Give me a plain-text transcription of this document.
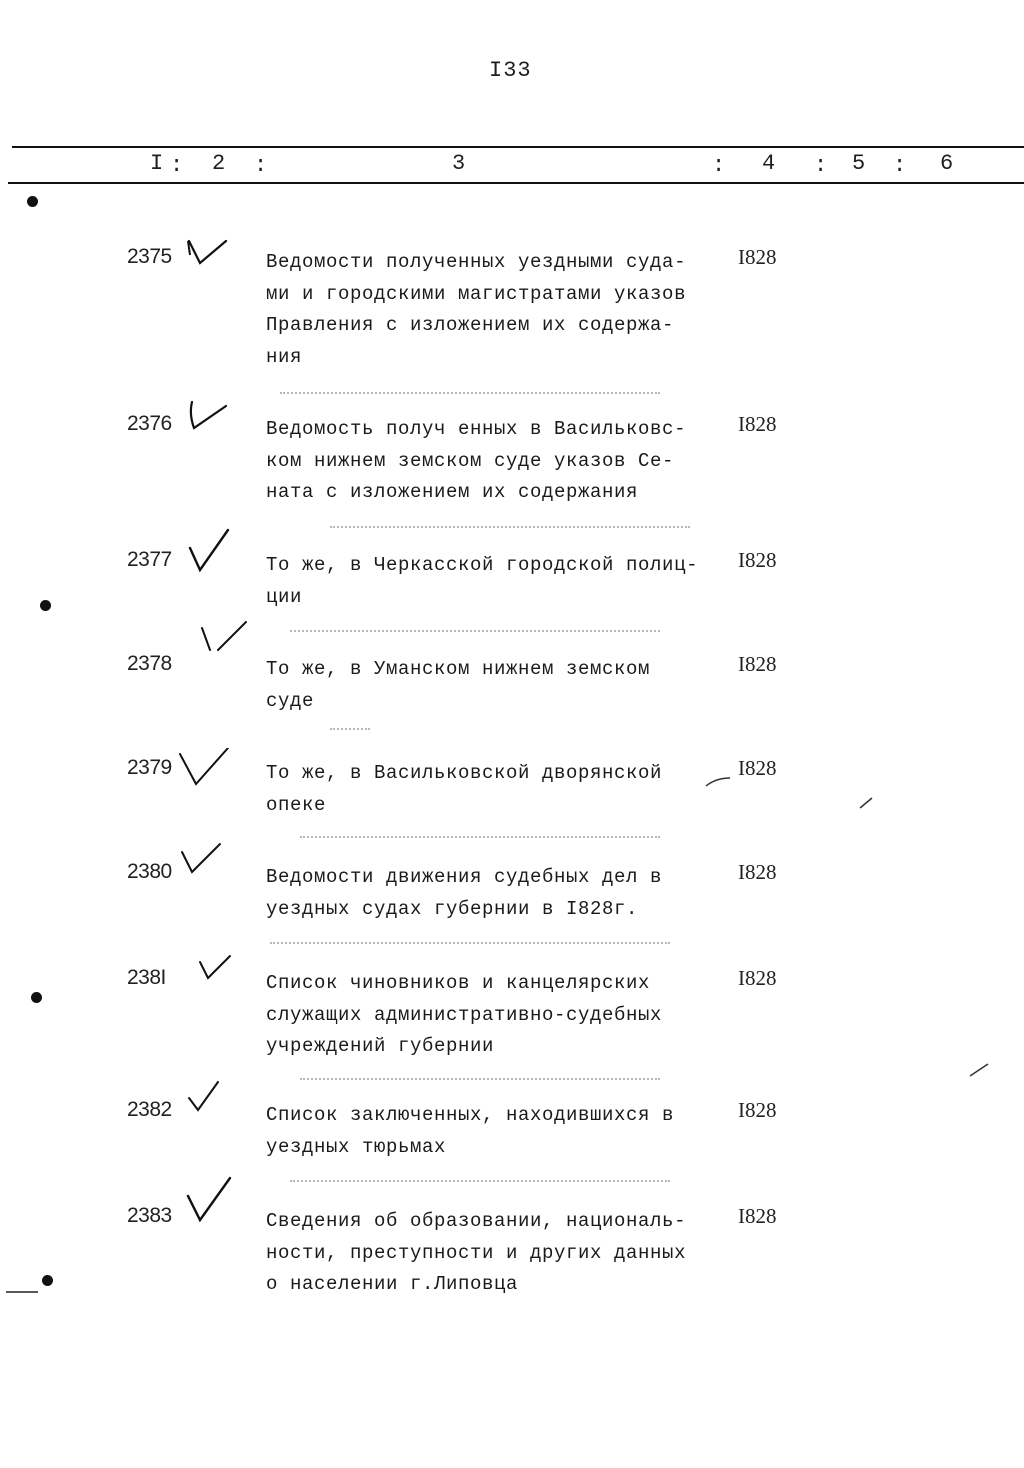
I33
I : 2 :	3	: 4 : 5 : 6
2375	Ведомости полученных уездными суда-
ми и городскими магистратами указов
Правления с изложением их содержа-
ния
I828
2376	Ведомость получ енных в Васильковс-
ком нижнем земском суде указов Се-
ната с изложением их содержания
I828
2377	То же, в Черкасской городской полиц-
ции
I828
2378	То же, в Уманском нижнем земском
суде
I828
2379	То же, в Васильковской дворянской
опеке
I828
2380	Ведомости движения судебных дел в
уездных судах губернии в I828г.
I828
238I	Список чиновников и канцелярских
служащих административно-судебных
учреждений губернии
I828
2382	Список заключенных, находившихся в
уездных тюрьмах
I828
2383	Сведения об образовании, националь-
ности, преступности и других данных
о населении г.Липовца
I828
